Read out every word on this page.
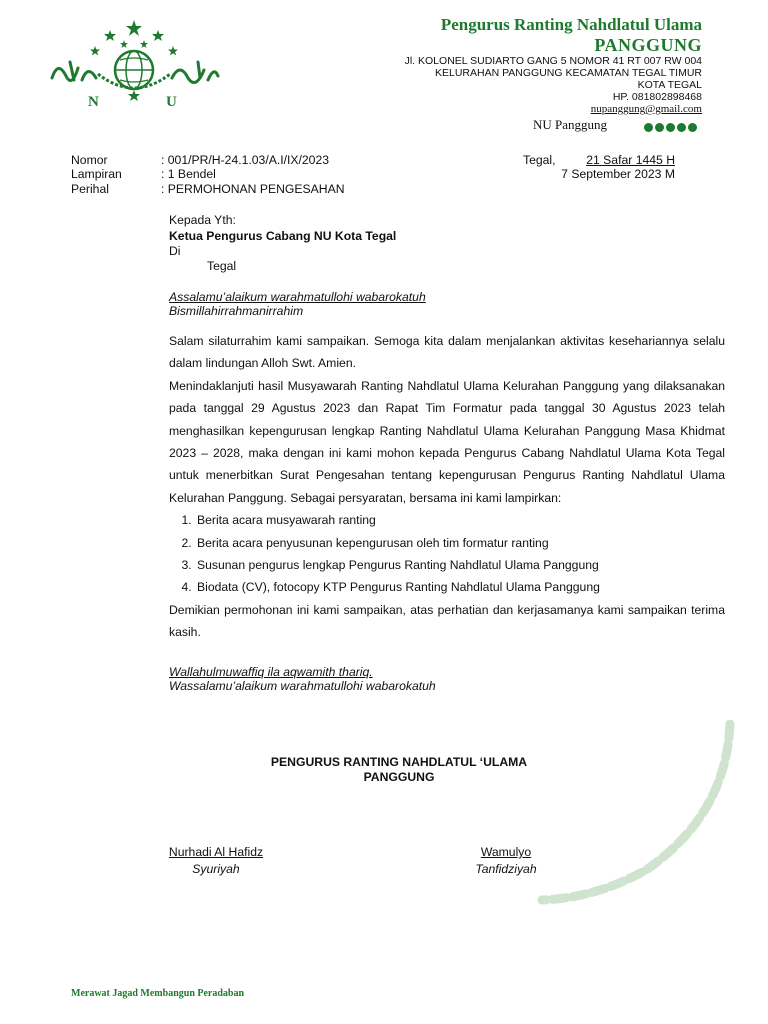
N	U
Pengurus Ranting Nahdlatul Ulama
PANGGUNG
Jl. KOLONEL SUDIARTO GANG 5 NOMOR 41 RT 007 RW 004
KELURAHAN PANGGUNG KECAMATAN TEGAL TIMUR
KOTA TEGAL
HP. 081802898468
nupanggung@gmail.com
NU Panggung
Nomor	: 001/PR/H-24.1.03/A.I/IX/2023
Lampiran	: 1 Bendel
Perihal	: PERMOHONAN PENGESAHAN
Tegal,	21 Safar 1445 H
7 September 2023 M
Kepada Yth:
Ketua Pengurus Cabang NU Kota Tegal
Di
Tegal
Assalamu’alaikum warahmatullohi wabarokatuh
Bismillahirrahmanirrahim

Salam silaturrahim kami sampaikan. Semoga kita dalam menjalankan aktivitas kesehariannya selalu dalam lindungan Alloh Swt. Amien.

Menindaklanjuti hasil Musyawarah Ranting Nahdlatul Ulama Kelurahan Panggung yang dilaksanakan pada tanggal 29 Agustus 2023 dan Rapat Tim Formatur pada tanggal 30 Agustus 2023 telah menghasilkan kepengurusan lengkap Ranting Nahdlatul Ulama Kelurahan Panggung Masa Khidmat 2023 – 2028, maka dengan ini kami mohon kepada Pengurus Cabang Nahdlatul Ulama Kota Tegal untuk menerbitkan Surat Pengesahan tentang kepengurusan Pengurus Ranting Nahdlatul Ulama Kelurahan Panggung. Sebagai persyaratan, bersama ini kami lampirkan:

1. Berita acara musyawarah ranting
2. Berita acara penyusunan kepengurusan oleh tim formatur ranting
3. Susunan pengurus lengkap Pengurus Ranting Nahdlatul Ulama Panggung
4. Biodata (CV), fotocopy KTP Pengurus Ranting Nahdlatul Ulama Panggung

Demikian permohonan ini kami sampaikan, atas perhatian dan kerjasamanya kami sampaikan terima kasih.

Wallahulmuwaffiq ila aqwamith thariq.
Wassalamu’alaikum warahmatullohi wabarokatuh
PENGURUS RANTING NAHDLATUL ‘ULAMA
PANGGUNG
Nurhadi Al Hafidz
Syuriyah
Wamulyo
Tanfidziyah
Merawat Jagad Membangun Peradaban
